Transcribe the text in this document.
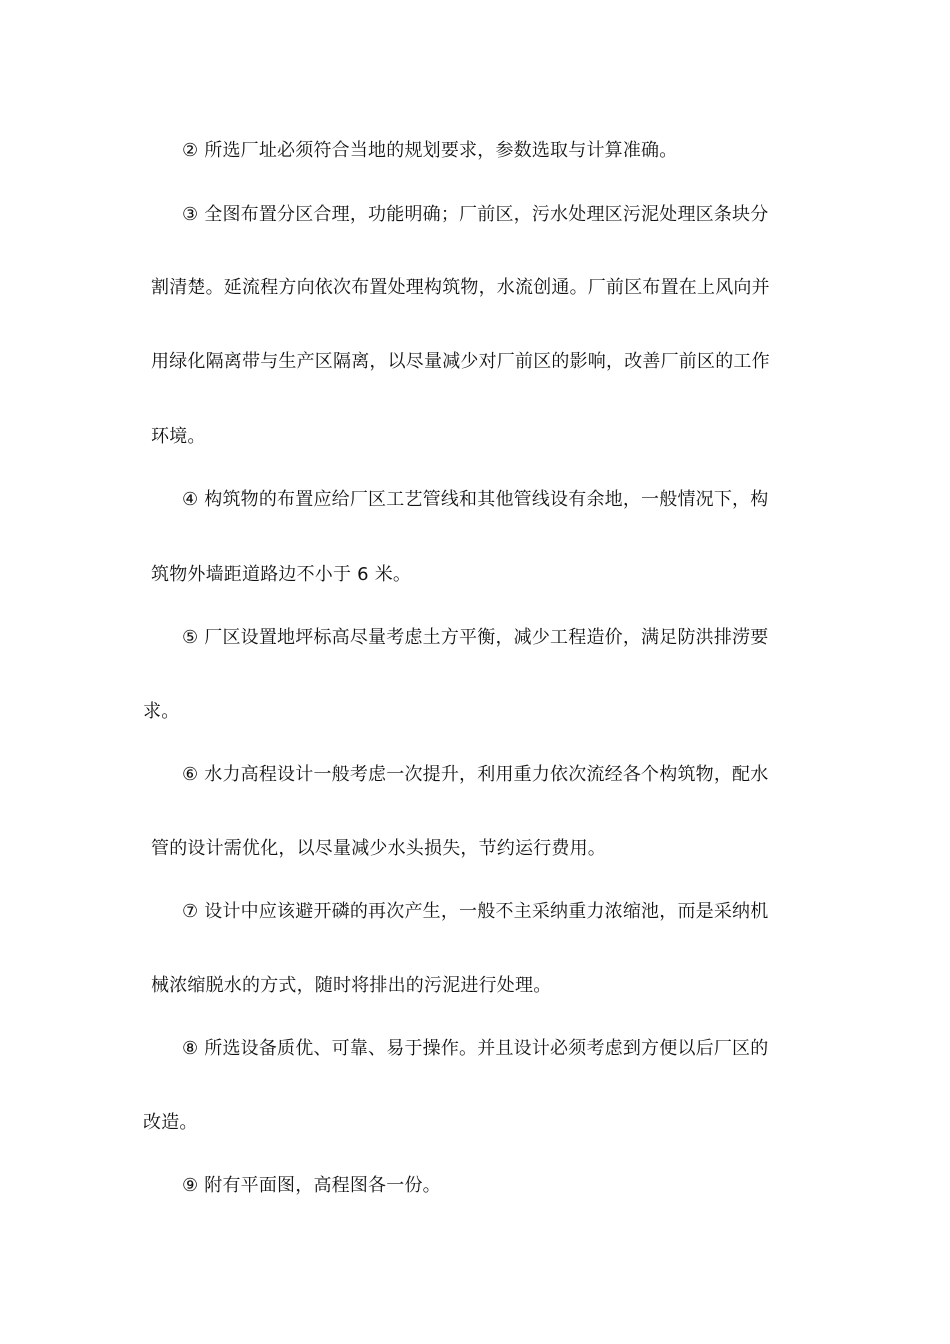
② 所选厂址必须符合当地的规划要求，参数选取与计算准确。
③ 全图布置分区合理，功能明确；厂前区，污水处理区污泥处理区条块分
割清楚。延流程方向依次布置处理构筑物，水流创通。厂前区布置在上风向并
用绿化隔离带与生产区隔离，以尽量减少对厂前区的影响，改善厂前区的工作
环境。
④ 构筑物的布置应给厂区工艺管线和其他管线设有余地，一般情况下，构
筑物外墙距道路边不小于 6 米。
⑤ 厂区设置地坪标高尽量考虑土方平衡，减少工程造价，满足防洪排涝要
求。
⑥ 水力高程设计一般考虑一次提升，利用重力依次流经各个构筑物，配水
管的设计需优化，以尽量减少水头损失，节约运行费用。
⑦ 设计中应该避开磷的再次产生，一般不主采纳重力浓缩池，而是采纳机
械浓缩脱水的方式，随时将排出的污泥进行处理。
⑧ 所选设备质优、可靠、易于操作。并且设计必须考虑到方便以后厂区的
改造。
⑨ 附有平面图，高程图各一份。
